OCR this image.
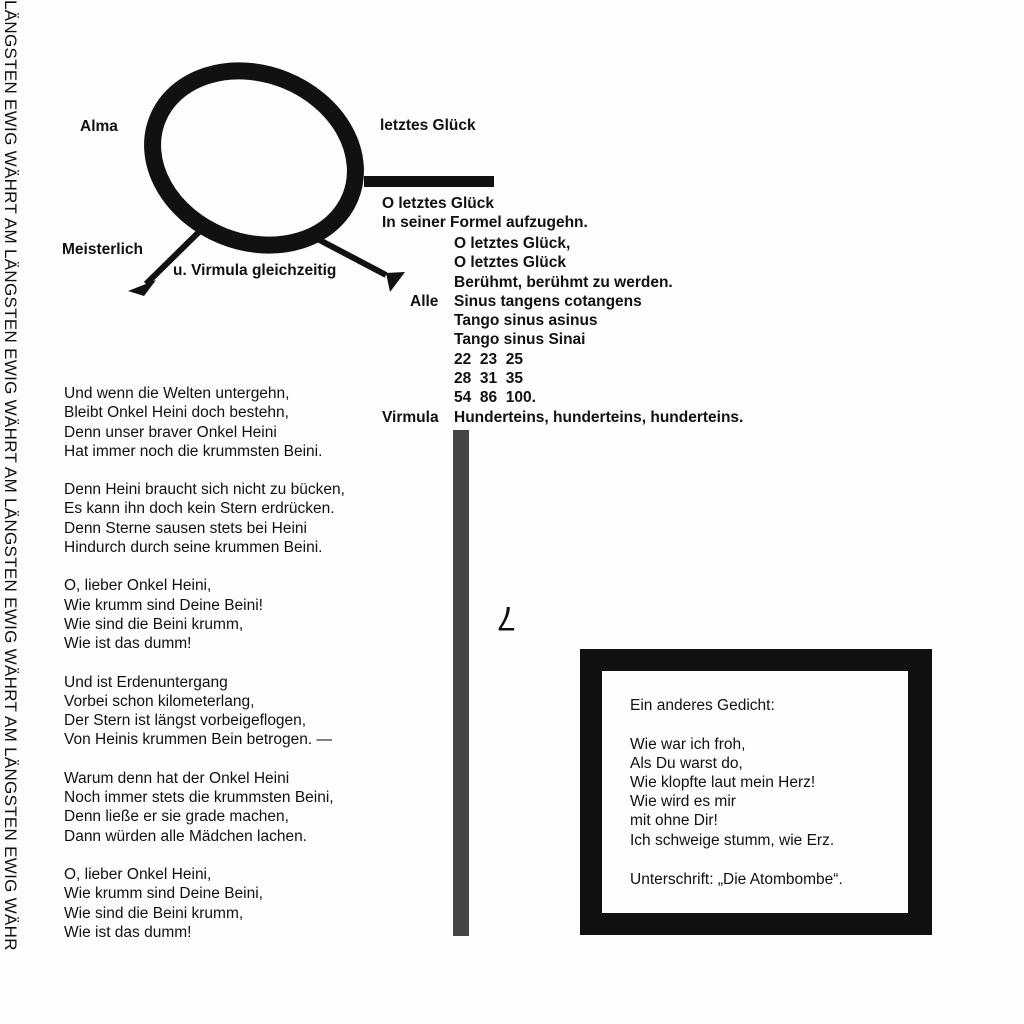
LÄNGSTEN EWIG WÄHRT AM LÄNGSTEN EWIG WÄHRT AM LÄNGSTEN EWIG WÄHRT AM LÄNGSTEN EWIG WÄHR	Alma	letztes Glück
Meisterlich
u. Virmula gleichzeitig
O letztes Glück
In seiner Formel aufzugehn.
Alle
Virmula
O letztes Glück,
O letztes Glück
Berühmt, berühmt zu werden.
Sinus tangens cotangens
Tango sinus asinus
Tango sinus Sinai
22  23  25
28  31  35
54  86  100.
Hunderteins, hunderteins, hunderteins.
Und wenn die Welten untergehn,
Bleibt Onkel Heini doch bestehn,
Denn unser braver Onkel Heini
Hat immer noch die krummsten Beini.
Denn Heini braucht sich nicht zu bücken,
Es kann ihn doch kein Stern erdrücken.
Denn Sterne sausen stets bei Heini
Hindurch durch seine krummen Beini.
O, lieber Onkel Heini,
Wie krumm sind Deine Beini!
Wie sind die Beini krumm,
Wie ist das dumm!
Und ist Erdenuntergang
Vorbei schon kilometerlang,
Der Stern ist längst vorbeigeflogen,
Von Heinis krummen Bein betrogen. —
Warum denn hat der Onkel Heini
Noch immer stets die krummsten Beini,
Denn ließe er sie grade machen,
Dann würden alle Mädchen lachen.
O, lieber Onkel Heini,
Wie krumm sind Deine Beini,
Wie sind die Beini krumm,
Wie ist das dumm!
7
Ein anderes Gedicht:
Wie war ich froh,
Als Du warst do,
Wie klopfte laut mein Herz!
Wie wird es mir
mit ohne Dir!
Ich schweige stumm, wie Erz.
Unterschrift: „Die Atombombe“.
